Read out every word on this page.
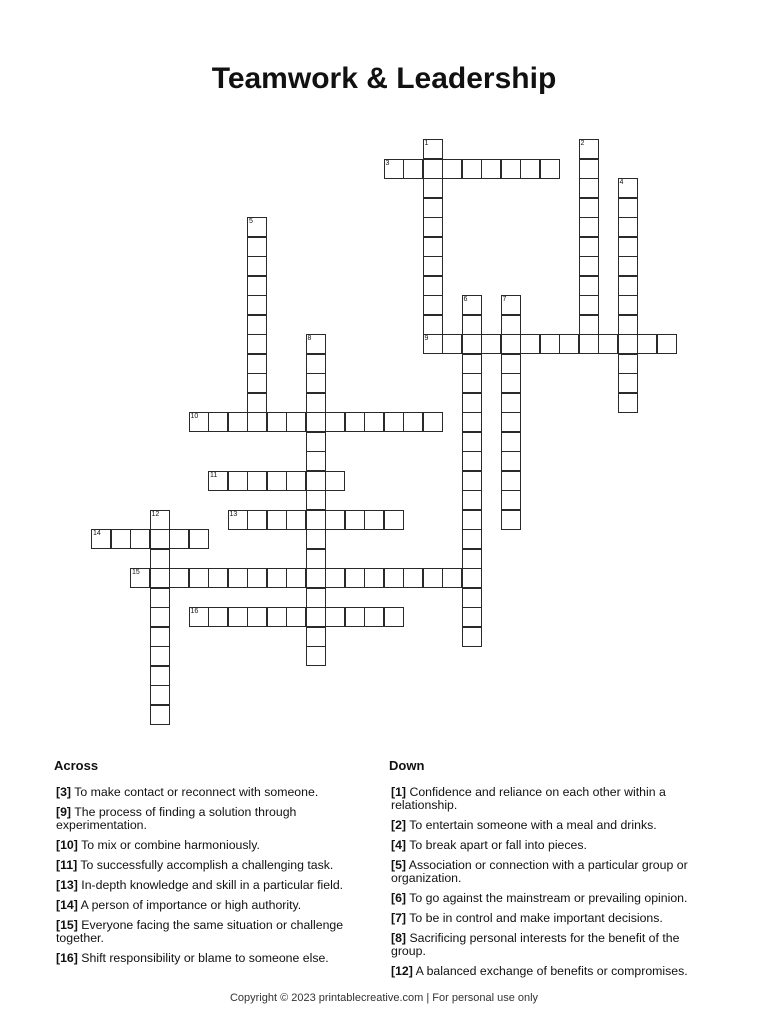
Teamwork & Leadership
1
9
2
3
4
5
6	7
8
10
11
12	13
14
15
16
Across	Down
[3] To make contact or reconnect with someone.
[9] The process of finding a solution through experimentation.
[10] To mix or combine harmoniously.
[11] To successfully accomplish a challenging task.
[13] In-depth knowledge and skill in a particular field.
[14] A person of importance or high authority.
[15] Everyone facing the same situation or challenge together.
[16] Shift responsibility or blame to someone else.
[1] Confidence and reliance on each other within a relationship.
[2] To entertain someone with a meal and drinks.
[4] To break apart or fall into pieces.
[5] Association or connection with a particular group or organization.
[6] To go against the mainstream or prevailing opinion.
[7] To be in control and make important decisions.
[8] Sacrificing personal interests for the benefit of the group.
[12] A balanced exchange of benefits or compromises.
Copyright © 2023 printablecreative.com | For personal use only
